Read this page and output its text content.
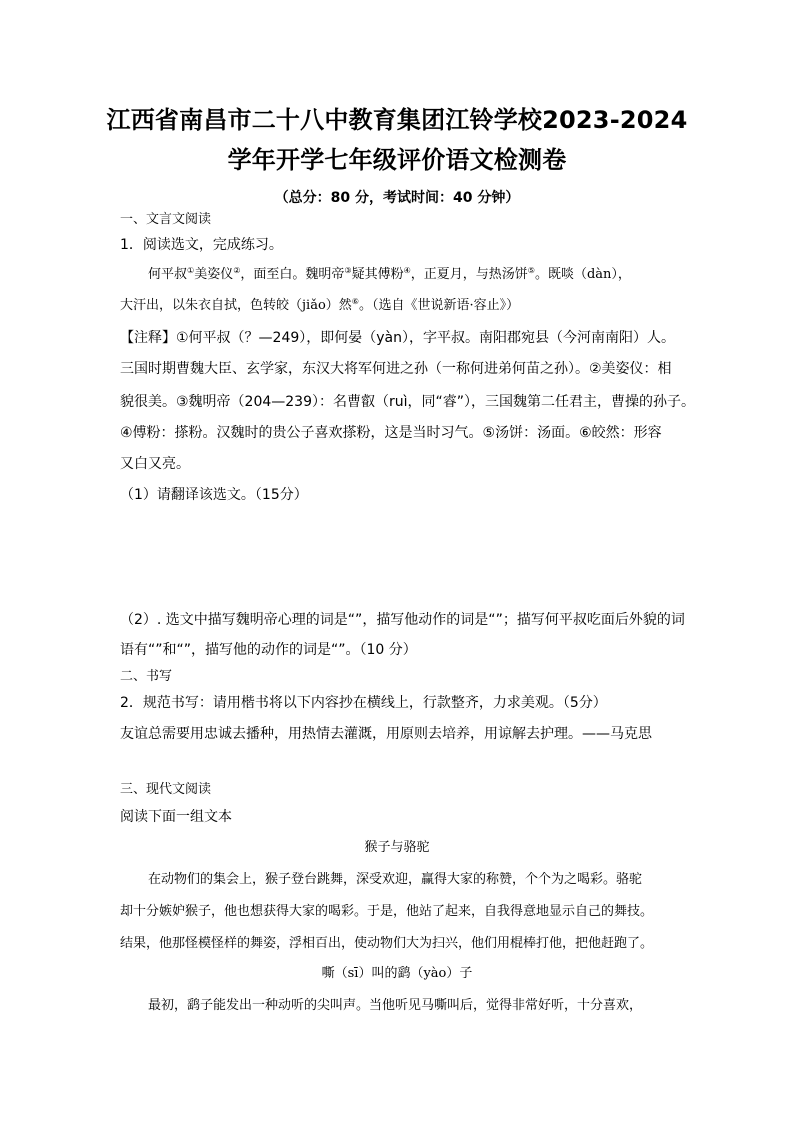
江西省南昌市二十八中教育集团江铃学校2023-2024
学年开学七年级评价语文检测卷
（总分：80 分，考试时间：40 分钟）
一、文言文阅读
1．阅读选文，完成练习。
何平叔①美姿仪②，面至白。魏明帝③疑其傅粉④，正夏月，与热汤饼⑤。既啖（dàn），
大汗出，以朱衣自拭，色转皎（jiǎo）然⑥。（选自《世说新语·容止》）
【注释】①何平叔（？—249），即何晏（yàn），字平叔。南阳郡宛县（今河南南阳）人。
三国时期曹魏大臣、玄学家，东汉大将军何进之孙（一称何进弟何苗之孙）。②美姿仪：相
貌很美。③魏明帝（204—239）：名曹叡（ruì，同“睿”），三国魏第二任君主，曹操的孙子。
④傅粉：搽粉。汉魏时的贵公子喜欢搽粉，这是当时习气。⑤汤饼：汤面。⑥皎然：形容
又白又亮。
（1）请翻译该选文。（15分）
（2）. 选文中描写魏明帝心理的词是“”，描写他动作的词是“”；描写何平叔吃面后外貌的词
语有“”和“”，描写他的动作的词是“”。（10 分）
二、书写
2．规范书写：请用楷书将以下内容抄在横线上，行款整齐，力求美观。（5分）
友谊总需要用忠诚去播种，用热情去灌溉，用原则去培养，用谅解去护理。——马克思
三、现代文阅读
阅读下面一组文本
猴子与骆驼
在动物们的集会上，猴子登台跳舞，深受欢迎，赢得大家的称赞，个个为之喝彩。骆驼
却十分嫉妒猴子，他也想获得大家的喝彩。于是，他站了起来，自我得意地显示自己的舞技。
结果，他那怪模怪样的舞姿，浮相百出，使动物们大为扫兴，他们用棍棒打他，把他赶跑了。
嘶（sī）叫的鹞（yào）子
最初，鹞子能发出一种动听的尖叫声。当他听见马嘶叫后，觉得非常好听，十分喜欢，
